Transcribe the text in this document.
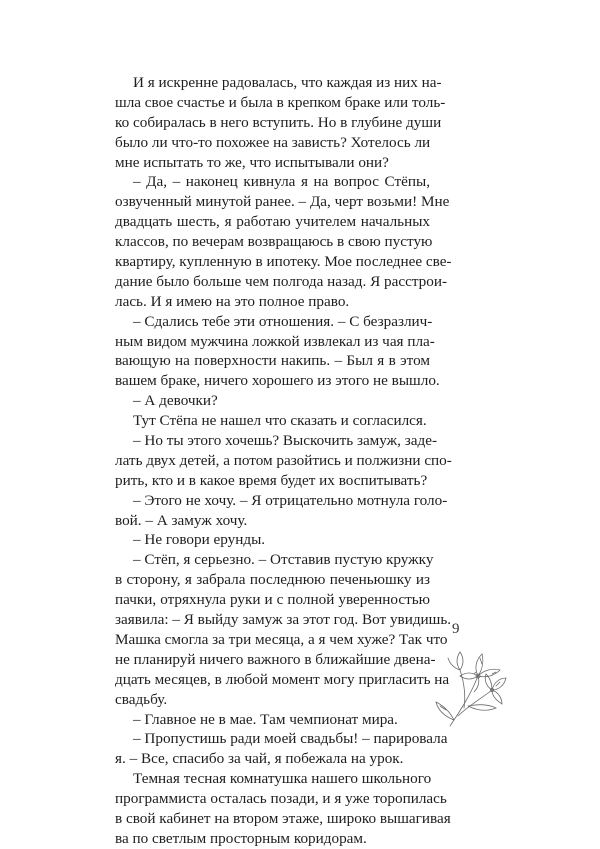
И я искренне радовалась, что каждая из них на-
шла свое счастье и была в крепком браке или толь-
ко собиралась в него вступить. Но в глубине души
было ли что-то похожее на зависть? Хотелось ли
мне испытать то же, что испытывали они?
– Да, – наконец кивнула я на вопрос Стёпы,
озвученный минутой ранее. – Да, черт возьми! Мне
двадцать шесть, я работаю учителем начальных
классов, по вечерам возвращаюсь в свою пустую
квартиру, купленную в ипотеку. Мое последнее све-
дание было больше чем полгода назад. Я расстрои-
лась. И я имею на это полное право.
– Сдались тебе эти отношения. – С безразлич-
ным видом мужчина ложкой извлекал из чая пла-
вающую на поверхности накипь. – Был я в этом
вашем браке, ничего хорошего из этого не вышло.
– А девочки?
Тут Стёпа не нашел что сказать и согласился.
– Но ты этого хочешь? Выскочить замуж, заде-
лать двух детей, а потом разойтись и полжизни спо-
рить, кто и в какое время будет их воспитывать?
– Этого не хочу. – Я отрицательно мотнула голо-
вой. – А замуж хочу.
– Не говори ерунды.
– Стёп, я серьезно. – Отставив пустую кружку
в сторону, я забрала последнюю печеньюшку из
пачки, отряхнула руки и с полной уверенностью
заявила: – Я выйду замуж за этот год. Вот увидишь.
Машка смогла за три месяца, а я чем хуже? Так что
не планируй ничего важного в ближайшие двена-
дцать месяцев, в любой момент могу пригласить на
свадьбу.
– Главное не в мае. Там чемпионат мира.
– Пропустишь ради моей свадьбы! – парировала
я. – Все, спасибо за чай, я побежала на урок.
Темная тесная комнатушка нашего школьного
программиста осталась позади, и я уже торопилась
в свой кабинет на втором этаже, широко вышагивая
ва по светлым просторным коридорам.
9
